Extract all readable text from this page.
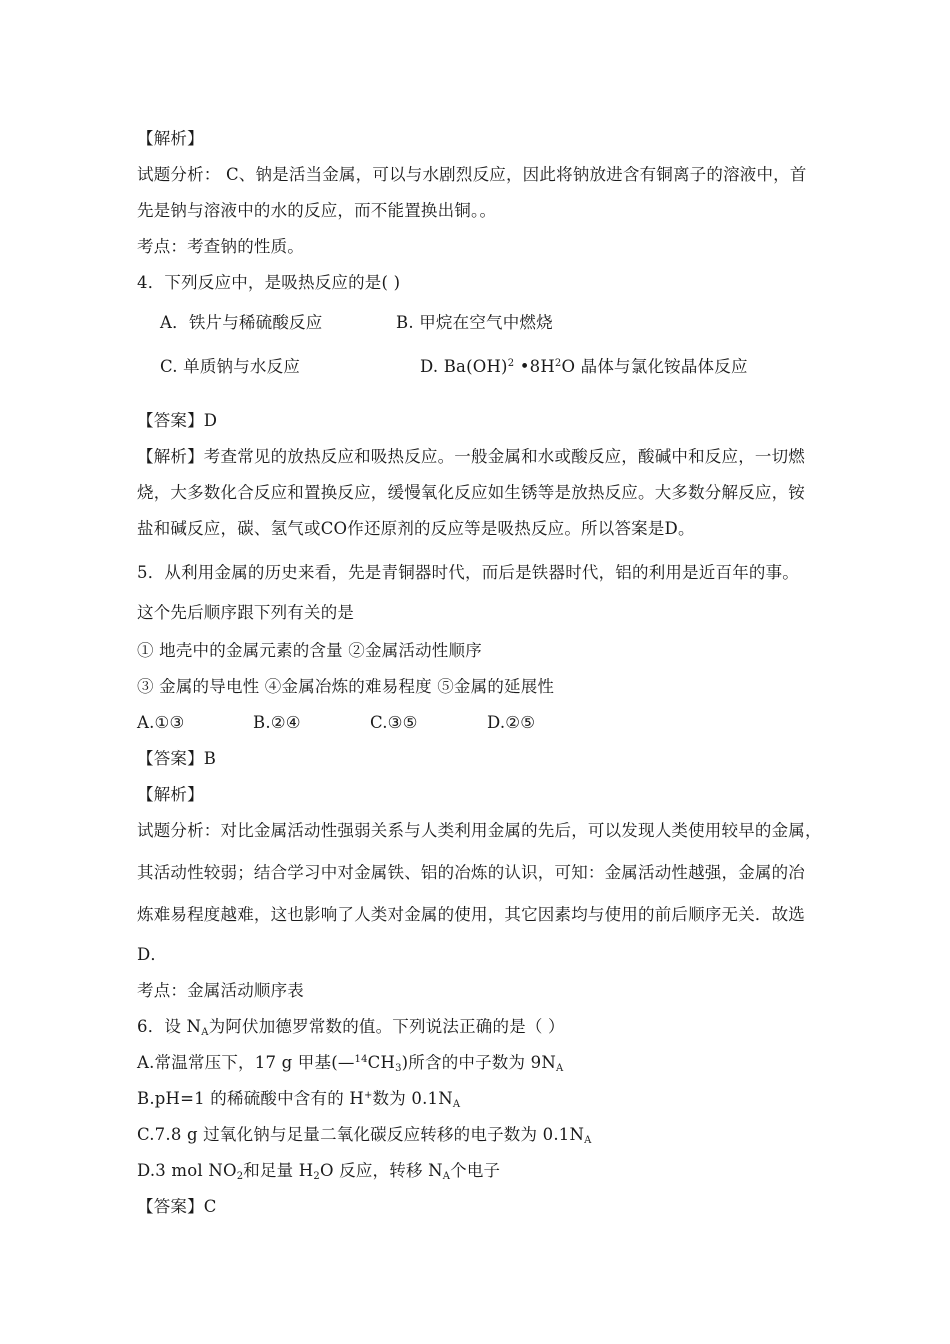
【解析】
试题分析： C、钠是活当金属，可以与水剧烈反应，因此将钠放进含有铜离子的溶液中，首
先是钠与溶液中的水的反应，而不能置换出铜。。
考点：考查钠的性质。
4．下列反应中，是吸热反应的是( )
A．铁片与稀硫酸反应	B. 甲烷在空气中燃烧
C. 单质钠与水反应	D. Ba(OH)$^2$ $•8H^2O$ 晶体与氯化铵晶体反应
【答案】D
【解析】考查常见的放热反应和吸热反应。一般金属和水或酸反应，酸碱中和反应，一切燃
烧，大多数化合反应和置换反应，缓慢氧化反应如生锈等是放热反应。大多数分解反应，铵
盐和碱反应，碳、氢气或CO作还原剂的反应等是吸热反应。所以答案是D。
5．从利用金属的历史来看，先是青铜器时代，而后是铁器时代，铝的利用是近百年的事。
这个先后顺序跟下列有关的是
① 地壳中的金属元素的含量 ②金属活动性顺序
③ 金属的导电性 ④金属冶炼的难易程度 ⑤金属的延展性
A.①③	B.②④	C.③⑤	D.②⑤
【答案】B
【解析】
试题分析：对比金属活动性强弱关系与人类利用金属的先后，可以发现人类使用较早的金属，
其活动性较弱；结合学习中对金属铁、铝的冶炼的认识，可知：金属活动性越强，金属的冶
炼难易程度越难，这也影响了人类对金属的使用，其它因素均与使用的前后顺序无关．故选
D．
考点：金属活动顺序表
6．设 $N_A$为阿伏加德罗常数的值。下列说法正确的是（ ）
A.常温常压下，17 g 甲基$(—^{14}CH_3)$所含的中子数为 $9N_A$
B.pH=1 的稀硫酸中含有的 H+数为 $0.1N_A$
C.7.8 g 过氧化钠与足量二氧化碳反应转移的电子数为 $0.1N_A$
D.3 mol $NO_2$和足量 $H_2O$ 反应，转移 $N_A$个电子
【答案】C
